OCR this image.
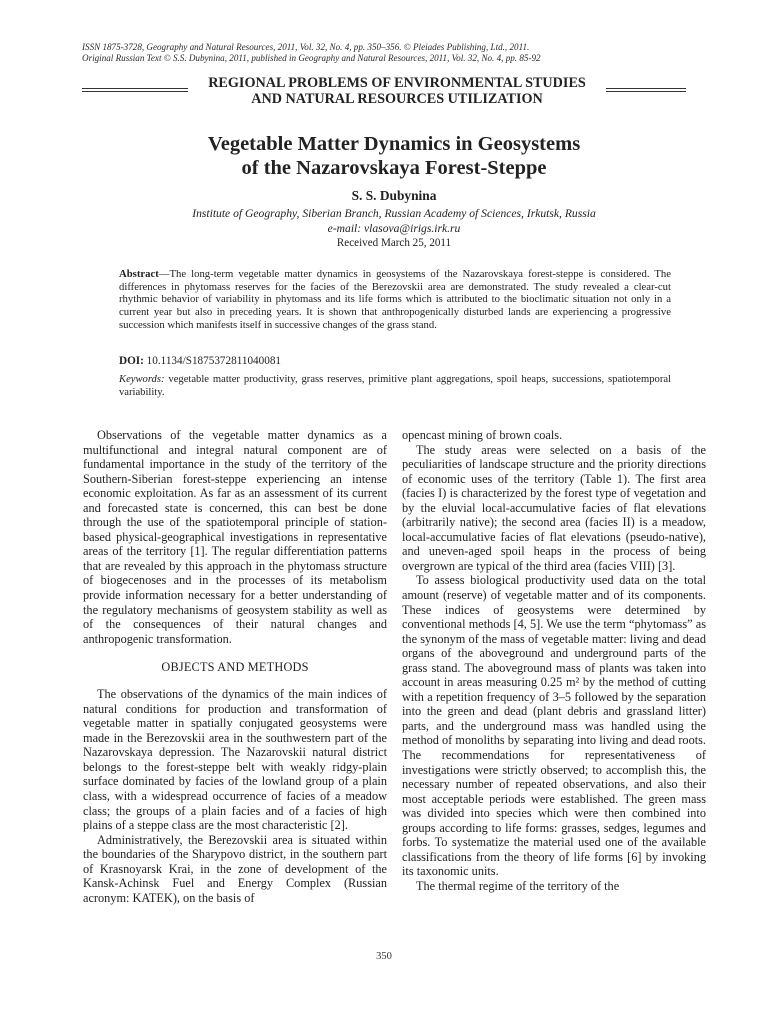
ISSN 1875-3728, Geography and Natural Resources, 2011, Vol. 32, No. 4, pp. 350–356. © Pleiades Publishing, Ltd., 2011.
Original Russian Text © S.S. Dubynina, 2011, published in Geography and Natural Resources, 2011, Vol. 32, No. 4, pp. 85-92
REGIONAL PROBLEMS OF ENVIRONMENTAL STUDIES
AND NATURAL RESOURCES UTILIZATION
Vegetable Matter Dynamics in Geosystems
of the Nazarovskaya Forest-Steppe
S. S. Dubynina
Institute of Geography, Siberian Branch, Russian Academy of Sciences, Irkutsk, Russia
e-mail: vlasova@irigs.irk.ru
Received March 25, 2011
Abstract—The long-term vegetable matter dynamics in geosystems of the Nazarovskaya forest-steppe is considered. The differences in phytomass reserves for the facies of the Berezovskii area are demonstrated. The study revealed a clear-cut rhythmic behavior of variability in phytomass and its life forms which is attributed to the bioclimatic situation not only in a current year but also in preceding years. It is shown that anthropogenically disturbed lands are experiencing a progressive succession which manifests itself in successive changes of the grass stand.
DOI: 10.1134/S1875372811040081
Keywords: vegetable matter productivity, grass reserves, primitive plant aggregations, spoil heaps, successions, spatiotemporal variability.

Observations of the vegetable matter dynamics as a multifunctional and integral natural component are of fundamental importance in the study of the territory of the Southern-Siberian forest-steppe experiencing an intense economic exploitation. As far as an assessment of its current and forecasted state is concerned, this can best be done through the use of the spatiotemporal principle of station-based physical-geographical investigations in representative areas of the territory [1]. The regular differentiation patterns that are revealed by this approach in the phytomass structure of biogecenoses and in the processes of its metabolism provide information necessary for a better understanding of the regulatory mechanisms of geosystem stability as well as of the consequences of their natural changes and anthropogenic transformation.

OBJECTS AND METHODS

The observations of the dynamics of the main indices of natural conditions for production and transformation of vegetable matter in spatially conjugated geosystems were made in the Berezovskii area in the southwestern part of the Nazarovskaya depression. The Nazarovskii natural district belongs to the forest-steppe belt with weakly ridgy-plain surface dominated by facies of the lowland group of a plain class, with a widespread occurrence of facies of a meadow class; the groups of a plain facies and of a facies of high plains of a steppe class are the most characteristic [2].

Administratively, the Berezovskii area is situated within the boundaries of the Sharypovo district, in the southern part of Krasnoyarsk Krai, in the zone of development of the Kansk-Achinsk Fuel and Energy Complex (Russian acronym: KATEK), on the basis of

opencast mining of brown coals.

The study areas were selected on a basis of the peculiarities of landscape structure and the priority directions of economic uses of the territory (Table 1). The first area (facies I) is characterized by the forest type of vegetation and by the eluvial local-accumulative facies of flat elevations (arbitrarily native); the second area (facies II) is a meadow, local-accumulative facies of flat elevations (pseudo-native), and uneven-aged spoil heaps in the process of being overgrown are typical of the third area (facies VIII) [3].

To assess biological productivity used data on the total amount (reserve) of vegetable matter and of its components. These indices of geosystems were determined by conventional methods [4, 5]. We use the term “phytomass” as the synonym of the mass of vegetable matter: living and dead organs of the aboveground and underground parts of the grass stand. The aboveground mass of plants was taken into account in areas measuring 0.25 m² by the method of cutting with a repetition frequency of 3–5 followed by the separation into the green and dead (plant debris and grassland litter) parts, and the underground mass was handled using the method of monoliths by separating into living and dead roots. The recommendations for representativeness of investigations were strictly observed; to accomplish this, the necessary number of repeated observations, and also their most acceptable periods were established. The green mass was divided into species which were then combined into groups according to life forms: grasses, sedges, legumes and forbs. To systematize the material used one of the available classifications from the theory of life forms [6] by invoking its taxonomic units.

The thermal regime of the territory of the

350
